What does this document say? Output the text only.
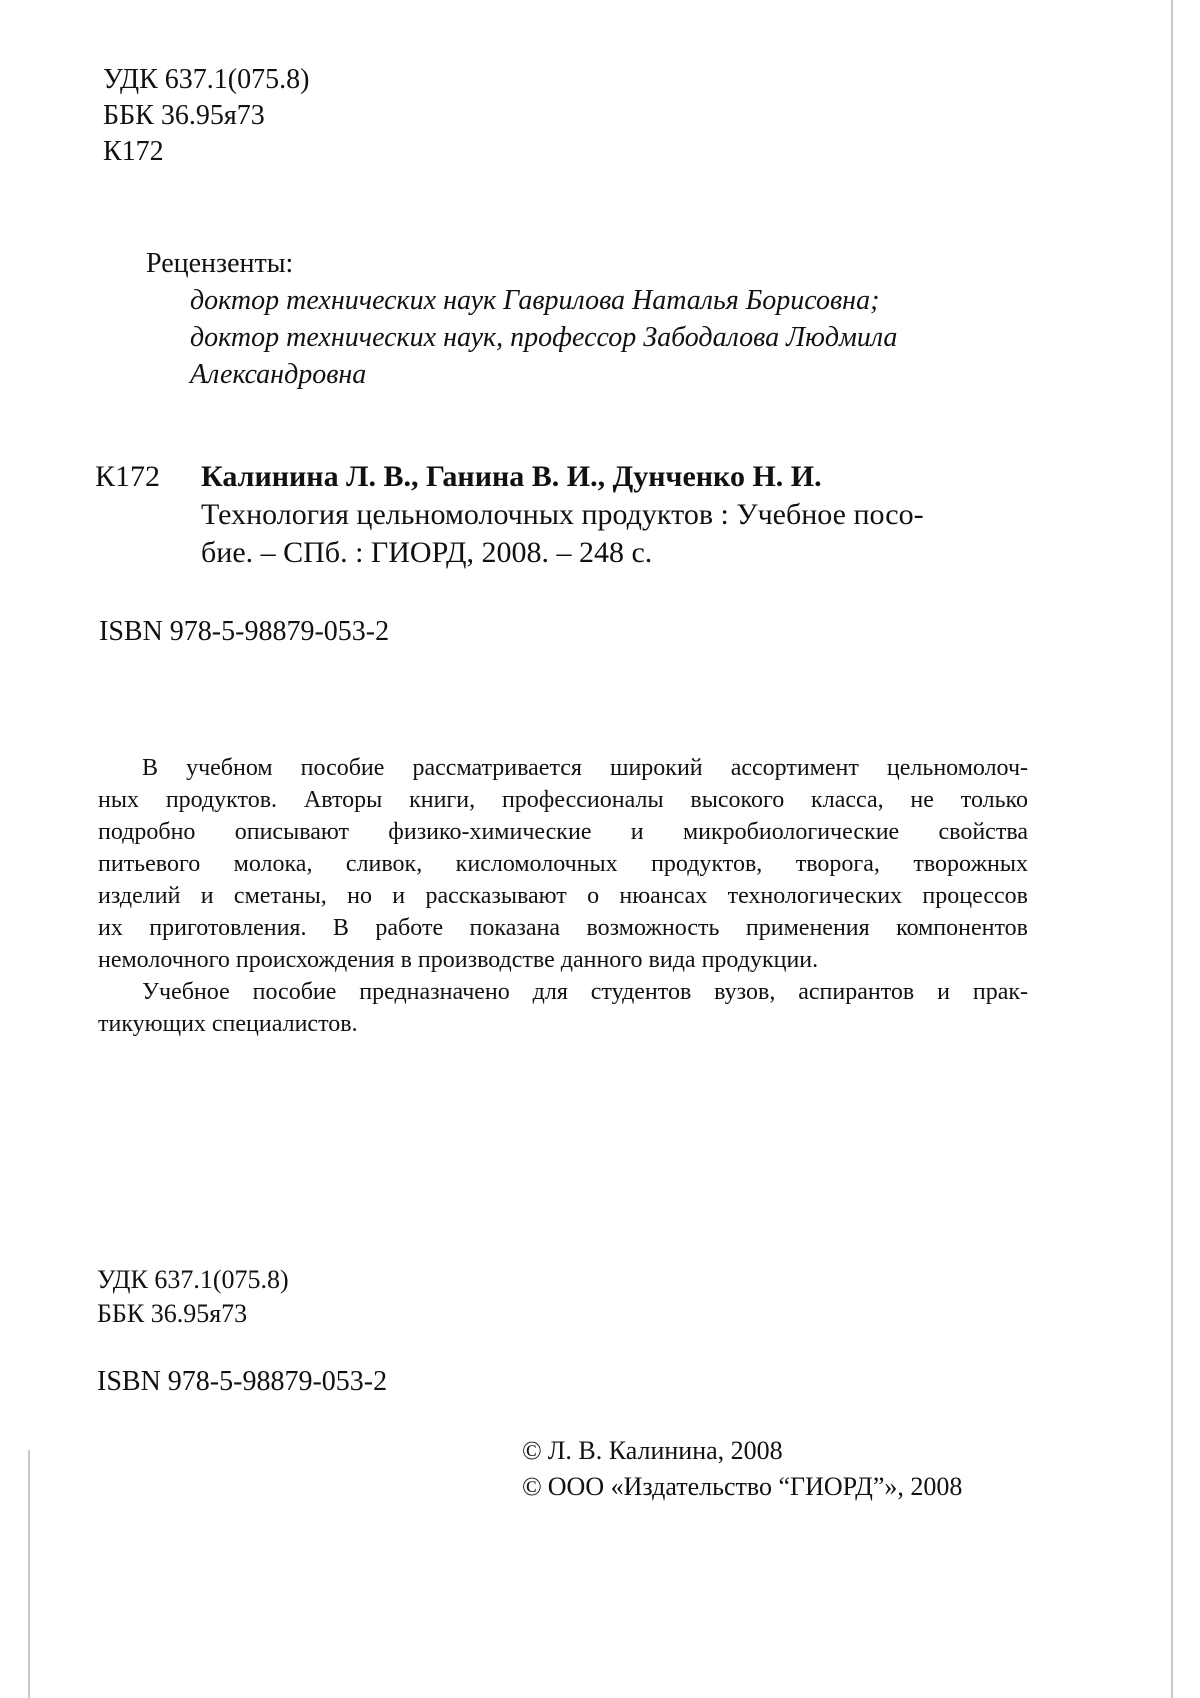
УДК 637.1(075.8)
ББК 36.95я73
К172
Рецензенты:
доктор технических наук Гаврилова Наталья Борисовна;
доктор технических наук, профессор Забодалова Людмила
Александровна
К172 Калинина Л. В., Ганина В. И., Дунченко Н. И.
Технология цельномолочных продуктов : Учебное посо-
бие. – СПб. : ГИОРД, 2008. – 248 с.
ISBN 978-5-98879-053-2
В учебном пособие рассматривается широкий ассортимент цельномолоч-
ных продуктов. Авторы книги, профессионалы высокого класса, не только
подробно описывают физико-химические и микробиологические свойства
питьевого молока, сливок, кисломолочных продуктов, творога, творожных
изделий и сметаны, но и рассказывают о нюансах технологических процессов
их приготовления. В работе показана возможность применения компонентов
немолочного происхождения в производстве данного вида продукции.
Учебное пособие предназначено для студентов вузов, аспирантов и прак-
тикующих специалистов.
УДК 637.1(075.8)
ББК 36.95я73
ISBN 978-5-98879-053-2
© Л. В. Калинина, 2008
© ООО «Издательство “ГИОРД”», 2008
